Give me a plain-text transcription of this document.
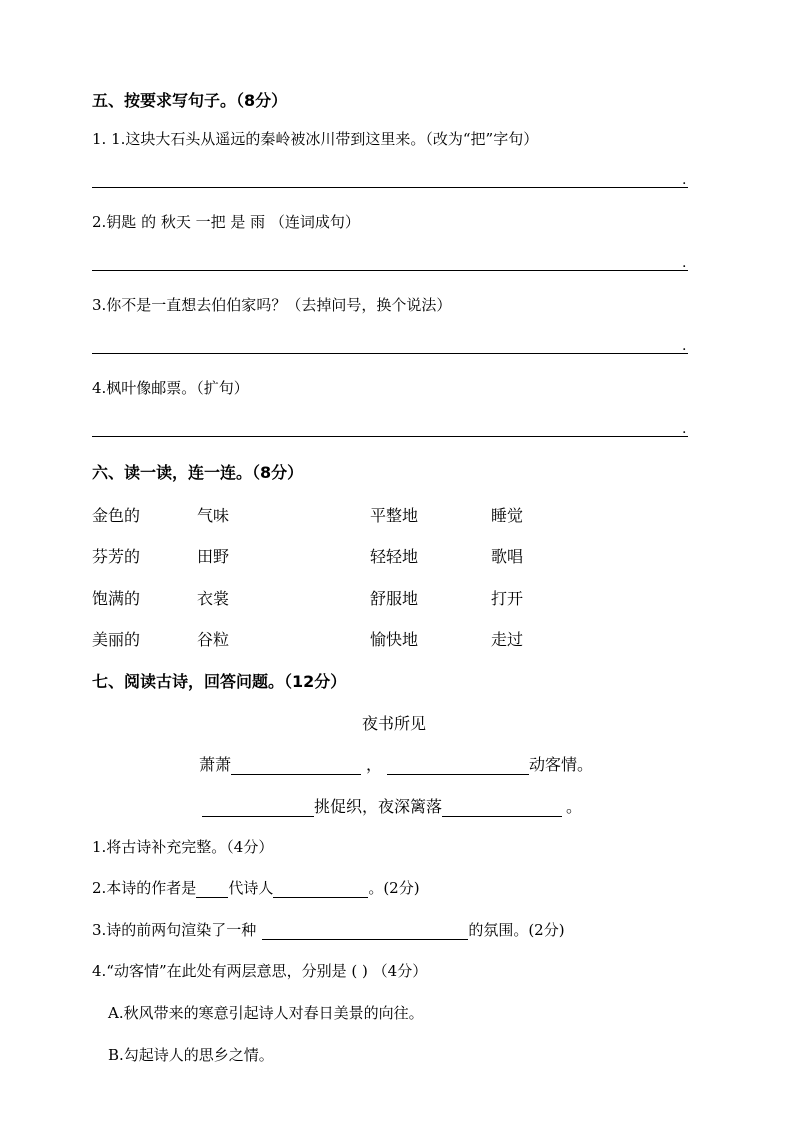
五、按要求写句子。（8分）
1. 1.这块大石头从遥远的秦岭被冰川带到这里来。（改为“把”字句）
.
2.钥匙 的 秋天 一把 是 雨 （连词成句）
.
3.你不是一直想去伯伯家吗？（去掉问号，换个说法）
.
4.枫叶像邮票。（扩句）
.
六、读一读，连一连。（8分）
金色的	气味	平整地	睡觉
芬芳的	田野	轻轻地	歌唱
饱满的	衣裳	舒服地	打开
美丽的	谷粒	愉快地	走过
七、阅读古诗，回答问题。（12分）
夜书所见
萧萧	，	动客情。
挑促织，夜深篱落	。
1.将古诗补充完整。（4分）
2.本诗的作者是 代诗人	。(2分)
3.诗的前两句渲染了一种	的氛围。(2分)
4.“动客情”在此处有两层意思，分别是 ( ) （4分）
A.秋风带来的寒意引起诗人对春日美景的向往。
B.勾起诗人的思乡之情。
